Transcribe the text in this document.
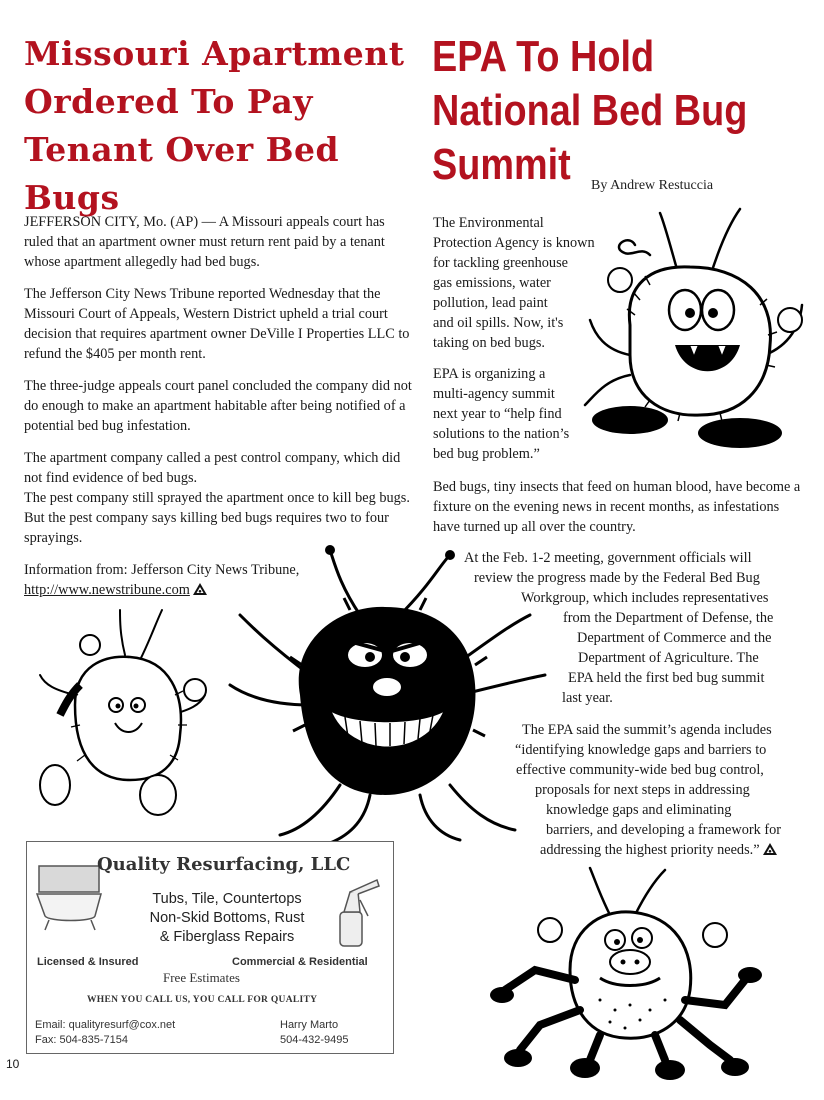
Missouri Apartment Ordered To Pay Tenant Over Bed Bugs

JEFFERSON CITY, Mo. (AP) — A Missouri appeals court has ruled that an apartment owner must return rent paid by a tenant whose apartment allegedly had bed bugs.

The Jefferson City News Tribune reported Wednesday that the Missouri Court of Appeals, Western District upheld a trial court decision that requires apartment owner DeVille I Properties LLC to refund the $405 per month rent.

The three-judge appeals court panel concluded the company did not do enough to make an apartment habitable after being notified of a potential bed bug infestation.

The apartment company called a pest control company, which did not find evidence of bed bugs.

The pest company still sprayed the apartment once to kill beg bugs. But the pest company says killing bed bugs requires two to four sprayings.

Information from: Jefferson City News Tribune,
http://www.newstribune.com

EPA To Hold National Bed Bug Summit	By Andrew Restuccia
The Environmental
Protection Agency is known
for tackling greenhouse
gas emissions, water
pollution, lead paint
and oil spills. Now, it's
taking on bed bugs.
EPA is organizing a
multi-agency summit
next year to “help find
solutions to the nation’s
bed bug problem.”
Bed bugs, tiny insects that feed on human blood, have become a fixture on the evening news in recent months, as infestations have turned up all over the country.
At the Feb. 1-2 meeting, government officials will
review the progress made by the Federal Bed Bug
Workgroup, which includes representatives
from the Department of Defense, the
Department of Commerce and the
Department of Agriculture. The
EPA held the first bed bug summit
last year.
The EPA said the summit’s agenda includes
“identifying knowledge gaps and barriers to
effective community-wide bed bug control,
proposals for next steps in addressing
knowledge gaps and eliminating
barriers, and developing a framework for
addressing the highest priority needs.”
Quality Resurfacing, LLC
Tubs, Tile, Countertops
Non-Skid Bottoms, Rust
& Fiberglass Repairs
Licensed & Insured	Commercial & Residential
Free Estimates
WHEN YOU CALL US, YOU CALL FOR QUALITY
Email: qualityresurf@cox.net
Fax: 504-835-7154
Harry Marto
504-432-9495
10
